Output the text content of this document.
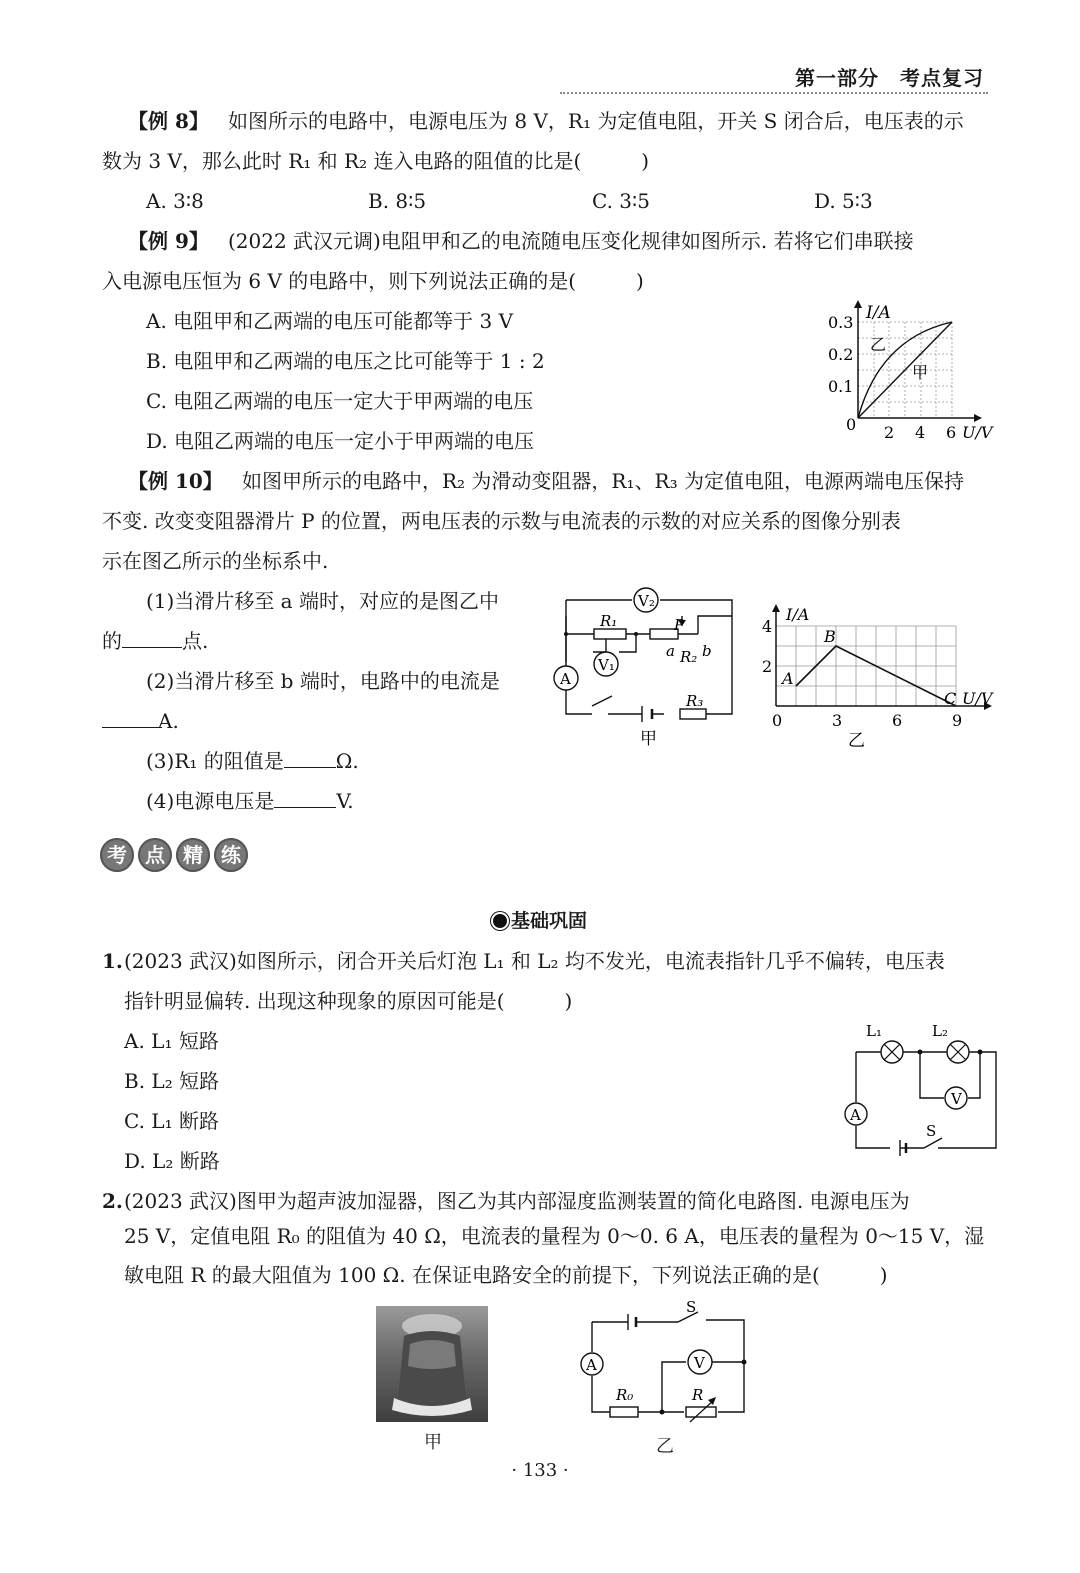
第一部分　考点复习
【例 8】 如图所示的电路中，电源电压为 8 V，R₁ 为定值电阻，开关 S 闭合后，电压表的示
数为 3 V，那么此时 R₁ 和 R₂ 连入电路的阻值的比是(　　　)
A. 3∶8	B. 8∶5	C. 3∶5	D. 5∶3
【例 9】 (2022 武汉元调)电阻甲和乙的电流随电压变化规律如图所示. 若将它们串联接
入电源电压恒为 6 V 的电路中，则下列说法正确的是(　　　)
A. 电阻甲和乙两端的电压可能都等于 3 V
B. 电阻甲和乙两端的电压之比可能等于 1 : 2
C. 电阻乙两端的电压一定大于甲两端的电压
D. 电阻乙两端的电压一定小于甲两端的电压
I/A
0.3
0.2
0.1
0 2 4 6 U/V
乙
甲
【例 10】 如图甲所示的电路中，R₂ 为滑动变阻器，R₁、R₃ 为定值电阻，电源两端电压保持
不变. 改变变阻器滑片 P 的位置，两电压表的示数与电流表的示数的对应关系的图像分别表
示在图乙所示的坐标系中.
(1)当滑片移至 a 端时，对应的是图乙中
的	点.
(2)当滑片移至 b 端时，电路中的电流是
A.
(3)R₁ 的阻值是	Ω.
(4)电源电压是	V.
V₂
V₁
A
R₁
R₂
R₃
P
a b
甲
I/A
4
2
0	3	6	9
U/V
A
B
C
乙
考 点 精 练
基础巩固
1. (2023 武汉)如图所示，闭合开关后灯泡 L₁ 和 L₂ 均不发光，电流表指针几乎不偏转，电压表
指针明显偏转. 出现这种现象的原因可能是(　　　)
A. L₁ 短路
B. L₂ 短路
C. L₁ 断路
D. L₂ 断路
L₁	L₂
V
A
S
2. (2023 武汉)图甲为超声波加湿器，图乙为其内部湿度监测装置的简化电路图. 电源电压为
25 V，定值电阻 R₀ 的阻值为 40 Ω，电流表的量程为 0～0. 6 A，电压表的量程为 0～15 V，湿
敏电阻 R 的最大阻值为 100 Ω. 在保证电路安全的前提下，下列说法正确的是(　　　)
甲
S
A	V
R₀	R
乙
· 133 ·
